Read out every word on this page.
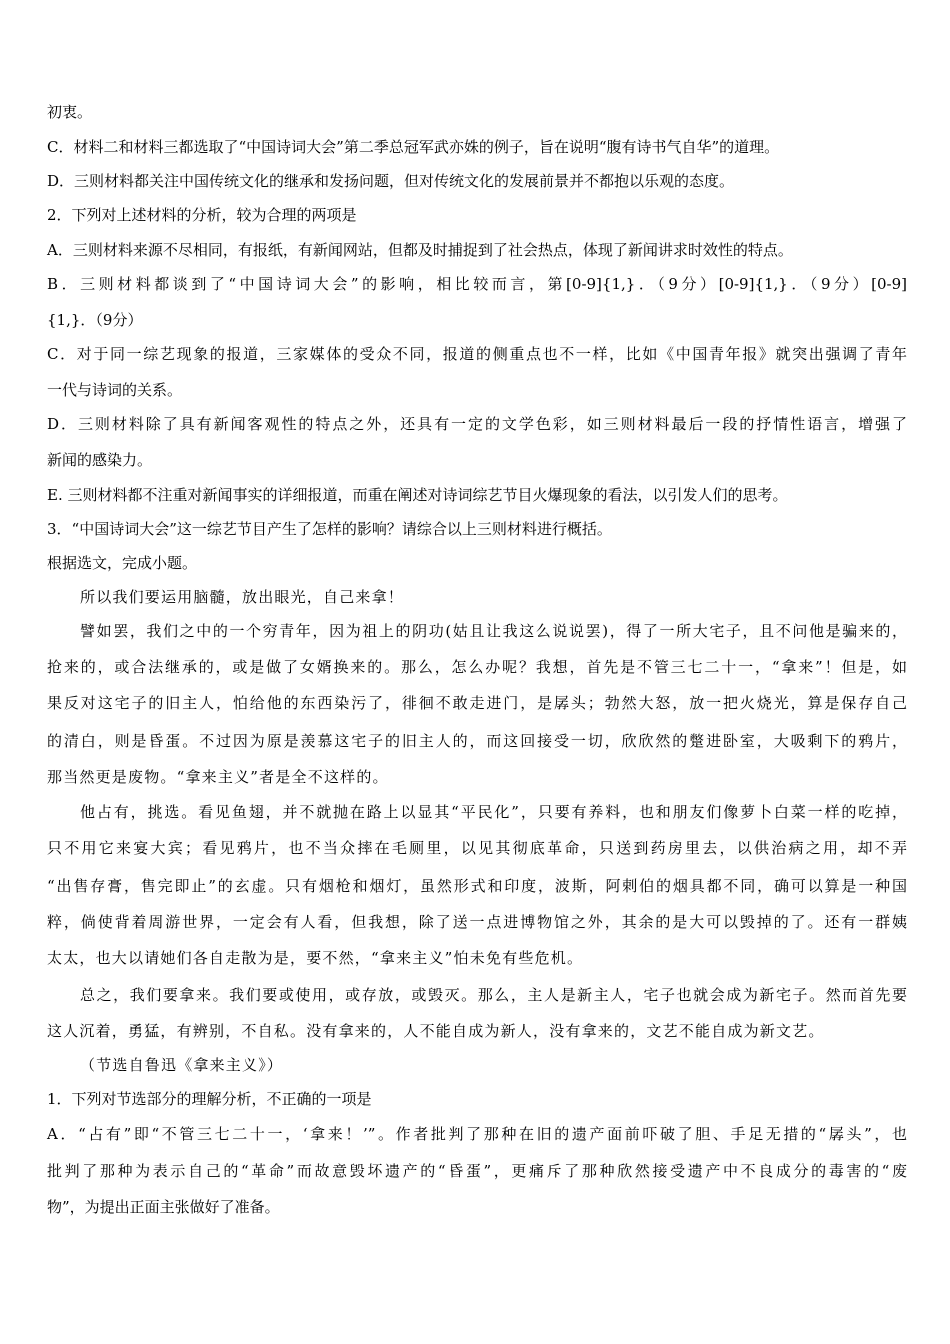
初衷。
C．材料二和材料三都选取了“中国诗词大会”第二季总冠军武亦姝的例子，旨在说明“腹有诗书气自华”的道理。
D．三则材料都关注中国传统文化的继承和发扬问题，但对传统文化的发展前景并不都抱以乐观的态度。
2．下列对上述材料的分析，较为合理的两项是
A．三则材料来源不尽相同，有报纸，有新闻网站，但都及时捕捉到了社会热点，体现了新闻讲求时效性的特点。
B．三则材料都谈到了“中国诗词大会”的影响，相比较而言，第[0-9]{1,}．（9分）[0-9]{1,}．（9分）[0-9]
{1,}．（9分）
C．对于同一综艺现象的报道，三家媒体的受众不同，报道的侧重点也不一样，比如《中国青年报》就突出强调了青年
一代与诗词的关系。
D．三则材料除了具有新闻客观性的特点之外，还具有一定的文学色彩，如三则材料最后一段的抒情性语言，增强了
新闻的感染力。
E. 三则材料都不注重对新闻事实的详细报道，而重在阐述对诗词综艺节目火爆现象的看法，以引发人们的思考。
3．“中国诗词大会”这一综艺节目产生了怎样的影响？请综合以上三则材料进行概括。
根据选文，完成小题。
所以我们要运用脑髓，放出眼光，自己来拿！
譬如罢，我们之中的一个穷青年，因为祖上的阴功(姑且让我这么说说罢)，得了一所大宅子，且不问他是骗来的，
抢来的，或合法继承的，或是做了女婿换来的。那么，怎么办呢？我想，首先是不管三七二十一，“拿来”！但是，如
果反对这宅子的旧主人，怕给他的东西染污了，徘徊不敢走进门，是孱头；勃然大怒，放一把火烧光，算是保存自己
的清白，则是昏蛋。不过因为原是羡慕这宅子的旧主人的，而这回接受一切，欣欣然的蹩进卧室，大吸剩下的鸦片，
那当然更是废物。“拿来主义”者是全不这样的。
他占有，挑选。看见鱼翅，并不就抛在路上以显其“平民化”，只要有养料，也和朋友们像萝卜白菜一样的吃掉，
只不用它来宴大宾；看见鸦片，也不当众摔在毛厕里，以见其彻底革命，只送到药房里去，以供治病之用，却不弄
“出售存膏，售完即止”的玄虚。只有烟枪和烟灯，虽然形式和印度，波斯，阿剌伯的烟具都不同，确可以算是一种国
粹，倘使背着周游世界，一定会有人看，但我想，除了送一点进博物馆之外，其余的是大可以毁掉的了。还有一群姨
太太，也大以请她们各自走散为是，要不然，“拿来主义”怕未免有些危机。
总之，我们要拿来。我们要或使用，或存放，或毁灭。那么，主人是新主人，宅子也就会成为新宅子。然而首先要
这人沉着，勇猛，有辨别，不自私。没有拿来的，人不能自成为新人，没有拿来的，文艺不能自成为新文艺。
（节选自鲁迅《拿来主义》）
1．下列对节选部分的理解分析，不正确的一项是
A．“占有”即“不管三七二十一，‘拿来！’”。作者批判了那种在旧的遗产面前吓破了胆、手足无措的“孱头”，也
批判了那种为表示自己的“革命”而故意毁坏遗产的“昏蛋”，更痛斥了那种欣然接受遗产中不良成分的毒害的“废
物”，为提出正面主张做好了准备。
